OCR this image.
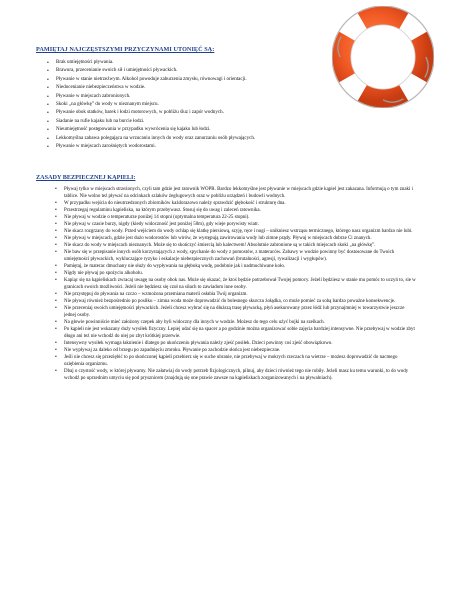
PAMIĘTAJ NAJCZĘSTSZYMI PRZYCZYNAMI UTONIĘĆ SĄ:
▪ Brak umiejętności pływania.
▪ Brawura, przecenianie swoich sił i umiejętności pływackich.
▪ Pływanie w stanie nietrzeźwym. Alkohol powoduje zaburzenia zmysłu, równowagi i orientacji.
▪ Niedocenianie niebezpieczeństwa w wodzie.
▪ Pływanie w miejscach zabronionych.
▪ Skoki „na główkę” do wody w nieznanym miejscu.
▪ Pływanie obok statków, barek i łodzi motorowych, w pobliżu śluz i zapór wodnych.
▪ Siadanie na rufie kajaku lub na burcie łodzi.
▪ Nieumiejętność postępowania w przypadku wywrócenia się kajaku lub łodzi.
▪ Lekkomyślna zabawa polegająca na wrzucaniu innych do wody oraz zanurzaniu osób pływających.
▪ Pływanie w miejscach zarośniętych wodorostami.
ZASADY BEZPIECZNEJ KĄPIELI:
▪ Pływaj tylko w miejscach strzeżonych, czyli tam gdzie jest ratownik WOPR. Bardzo lekkomyślne jest pływanie w miejscach gdzie kąpiel jest zakazana. Informują o tym znaki i tablice. Nie wolno też pływać na odcinkach szlaków żeglugowych oraz w pobliżu urządzeń i budowli wodnych.
▪ W przypadku wejścia do nieutrzedzonych zbiorników każdorazowo należy sprawdzić głębokość i strukturę dna.
▪ Przestrzegaj regulaminu kąpieliska, na którym przebywasz. Stosuj się do uwag i zaleceń ratownika.
▪ Nie pływaj w wodzie o temperaturze poniżej 14 stopni (optymalna temperatura 22-25 stopni).
▪ Nie pływaj w czasie burzy, nigdy (kiedy widoczność jest poniżej 50m), gdy wieje porywisty wiatr.
▪ Nie skacz rozgrzany do wody. Przed wejściem do wody ochlap się klatkę piersiową, szyję, ręce i nogi – unikniesz wstrząsu termicznego, którego nasz organizm bardzo nie lubi.
▪ Nie pływaj w miejscach, gdzie jest dużo wodorostów lub wirów, że występują zawirowania wody lub zimne prądy. Pływaj w miejscach dobrze Ci znanych.
▪ Nie skacz do wody w miejscach nieznanych. Może się to skończyć śmiercią lub kalectwem! Absolutnie zabronione są w takich miejscach skoki „na główkę”.
▪ Nie baw się w przepisanie innych osób korzystających z wody, spychanie do wody z pomostów, z materaców. Zabawy w wodzie powinny być dostosowane do Twoich umiejętności pływackich, wykluczające ryzyko i eskalacje niebezpiecznych zachowań (brutalności, agresji, rywalizacji i wygłupów).
▪ Pamiętaj, że materac dmuchany nie służy do wypływania na głęboką wodę, podobnie jak i nadmuchiwane koło.
▪ Nigdy nie pływaj po spożyciu alkoholu.
▪ Kapiąc się na kąpieliskach zwracaj uwagę na osoby obok nas. Może się okazać, że ktoś będzie potrzebował Twojej pomocy. Jeżeli będziesz w stanie mu pomóc to uczyń to, sie w granicach swoich możliwości. Jeżeli nie będziesz się czuł na siłach to zawiadom inne osoby.
▪ Nie przystępuj do pływania na czczo – wzmożona przemiana materii osłabia Twój organizm.
▪ Nie pływaj również bezpośrednio po posiłku – zimna woda może doprowadzić do bolesnego skurczu żołądka, co może pomieć za sobą bardzo poważne konsekwencje.
▪ Nie przeceniaj swoich umiejętności pływackich. Jeżeli chcesz wybrać się na dłuższą trasę pływacką, płyń asekurowany przez łódź lub przynajmniej w towarzystwie jeszcze jednej osoby.
▪ Na głowie powinniście mieć założony czepek aby byli widoczny dla innych w wodzie. Możesz do tego celu użyć bojki na szelkach.
▪ Po kąpieli nie jest wskazany duży wysiłek fizyczny. Lepiej udać się na spacer a po godzinie można organizować sobie zajęcia bardziej intensywne. Nie przebywaj w wodzie zbyt długo ani też nie wchodź do niej po zbyt krótkiej przerwie.
▪ Intensywny wysiłek wymaga łaknienie i dlatego po ukończeniu pływania należy zjeść posiłek. Dzieci powinny coś zjeść obowiązkowo.
▪ Nie wypływaj za daleko od brzegu po zapadnięciu zmroku. Pływanie po zachodzie słońca jest niebezpieczne.
▪ Jeśli nie chcesz się przeziębić to po skończonej kąpieli przebierz się w suche ubranie, nie przebywaj w mokrych rzeczach na wietrze – możesz doprowadzić do nacmego oziębienia organizmu.
▪ Dbaj o czystość wody, w której pływamy. Nie załatwiaj do wody potrzeb fizjologicznych, pilnuj, aby dzieci również tego nie robiły. Jeżeli masz ku temu warunki, to do wody wchodź po uprzednim umyciu się pod prysznicem (znajdują się one prawie zawsze na kąpieliskach zorganizowanych i na pływalniach).
